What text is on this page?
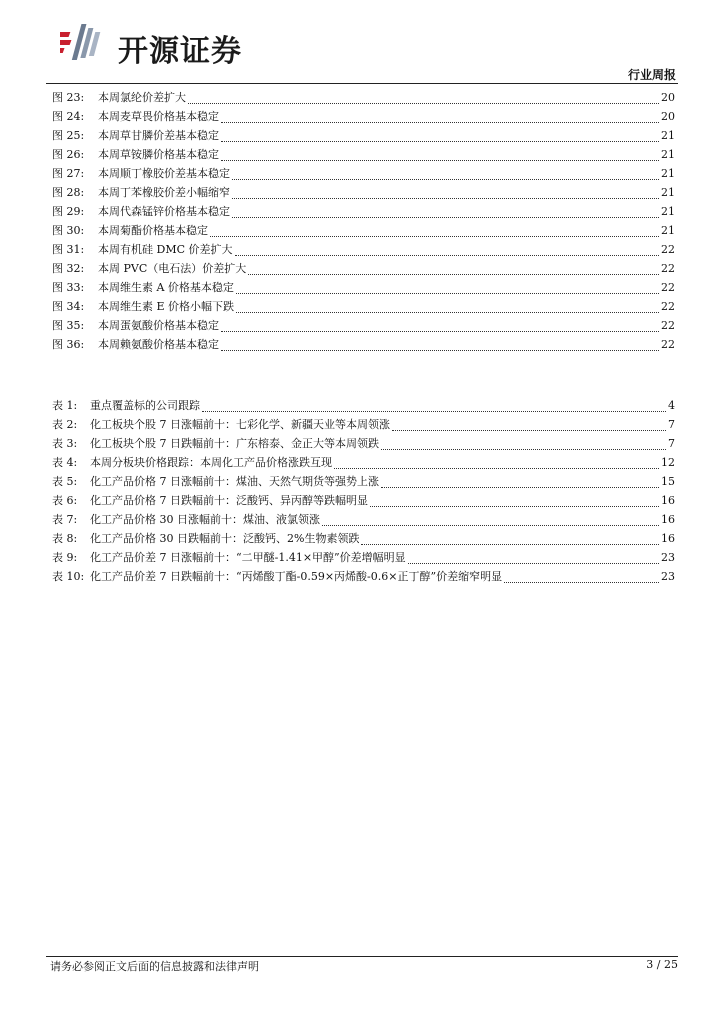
开源证券
行业周报
图 23:	本周氯纶价差扩大	20
图 24:	本周麦草畏价格基本稳定	20
图 25:	本周草甘膦价差基本稳定	21
图 26:	本周草铵膦价格基本稳定	21
图 27:	本周顺丁橡胶价差基本稳定	21
图 28:	本周丁苯橡胶价差小幅缩窄	21
图 29:	本周代森锰锌价格基本稳定	21
图 30:	本周菊酯价格基本稳定	21
图 31:	本周有机硅 DMC 价差扩大	22
图 32:	本周 PVC（电石法）价差扩大	22
图 33:	本周维生素 A 价格基本稳定	22
图 34:	本周维生素 E 价格小幅下跌	22
图 35:	本周蛋氨酸价格基本稳定	22
图 36:	本周赖氨酸价格基本稳定	22
表 1:	重点覆盖标的公司跟踪	4
表 2:	化工板块个股 7 日涨幅前十：七彩化学、新疆天业等本周领涨	7
表 3:	化工板块个股 7 日跌幅前十：广东榕泰、金正大等本周领跌	7
表 4:	本周分板块价格跟踪：本周化工产品价格涨跌互现	12
表 5:	化工产品价格 7 日涨幅前十：煤油、天然气期货等强势上涨	15
表 6:	化工产品价格 7 日跌幅前十：泛酸钙、异丙醇等跌幅明显	16
表 7:	化工产品价格 30 日涨幅前十：煤油、液氯领涨	16
表 8:	化工产品价格 30 日跌幅前十：泛酸钙、2%生物素领跌	16
表 9:	化工产品价差 7 日涨幅前十：“二甲醚-1.41×甲醇”价差增幅明显	23
表 10: 化工产品价差 7 日跌幅前十：“丙烯酸丁酯-0.59×丙烯酸-0.6×正丁醇”价差缩窄明显	23
请务必参阅正文后面的信息披露和法律声明	3 / 25
